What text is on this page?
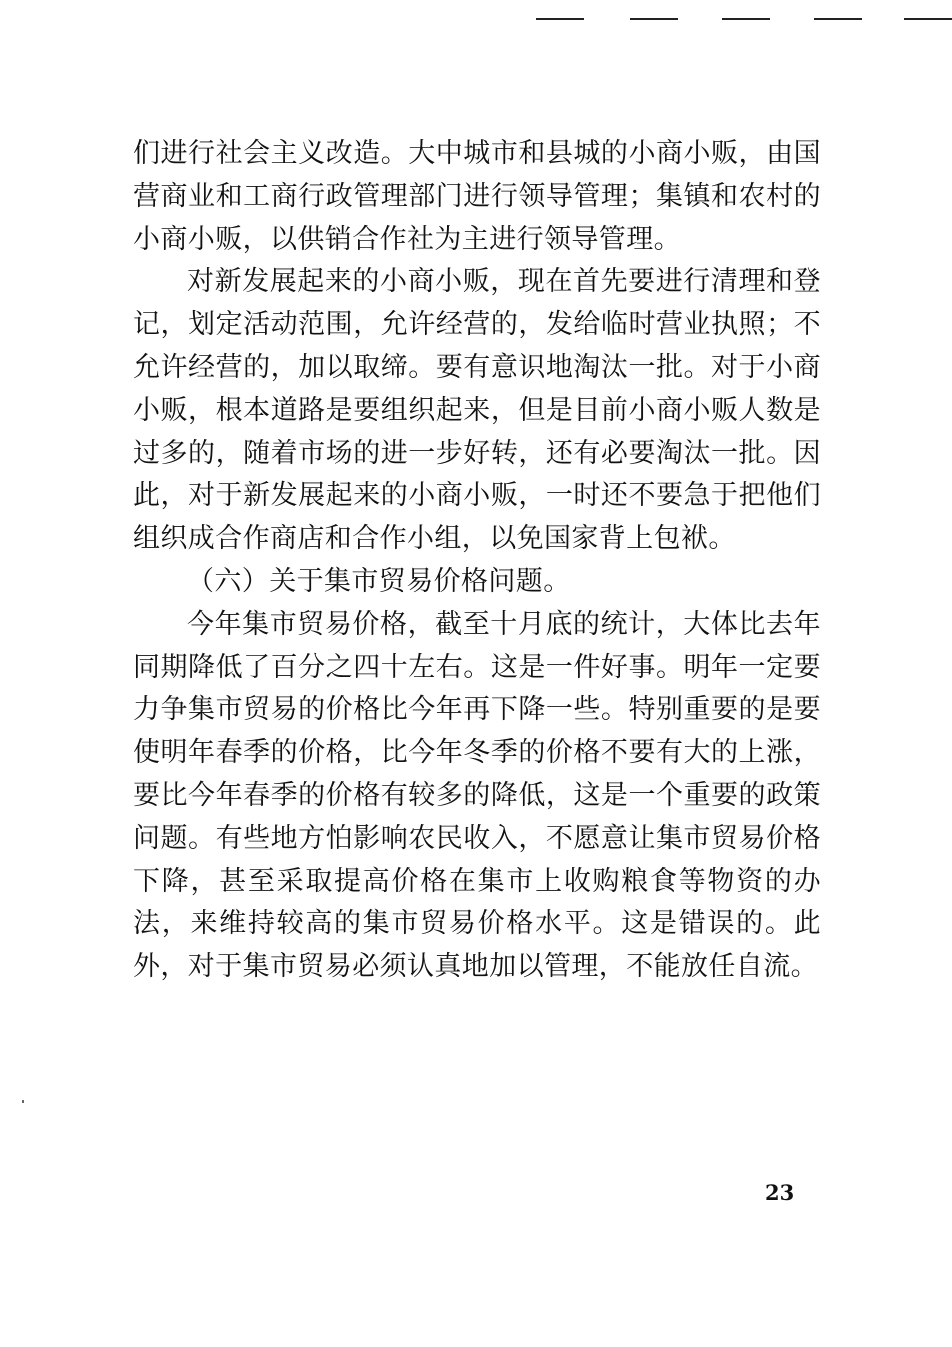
们进行社会主义改造。大中城市和县城的小商小贩，由国营商业和工商行政管理部门进行领导管理；集镇和农村的小商小贩，以供销合作社为主进行领导管理。

对新发展起来的小商小贩，现在首先要进行清理和登记，划定活动范围，允许经营的，发给临时营业执照；不允许经营的，加以取缔。要有意识地淘汰一批。对于小商小贩，根本道路是要组织起来，但是目前小商小贩人数是过多的，随着市场的进一步好转，还有必要淘汰一批。因此，对于新发展起来的小商小贩，一时还不要急于把他们组织成合作商店和合作小组，以免国家背上包袱。

（六）关于集市贸易价格问题。

今年集市贸易价格，截至十月底的统计，大体比去年同期降低了百分之四十左右。这是一件好事。明年一定要力争集市贸易的价格比今年再下降一些。特别重要的是要使明年春季的价格，比今年冬季的价格不要有大的上涨，要比今年春季的价格有较多的降低，这是一个重要的政策问题。有些地方怕影响农民收入，不愿意让集市贸易价格下降，甚至采取提高价格在集市上收购粮食等物资的办法，来维持较高的集市贸易价格水平。这是错误的。此外，对于集市贸易必须认真地加以管理，不能放任自流。

23
